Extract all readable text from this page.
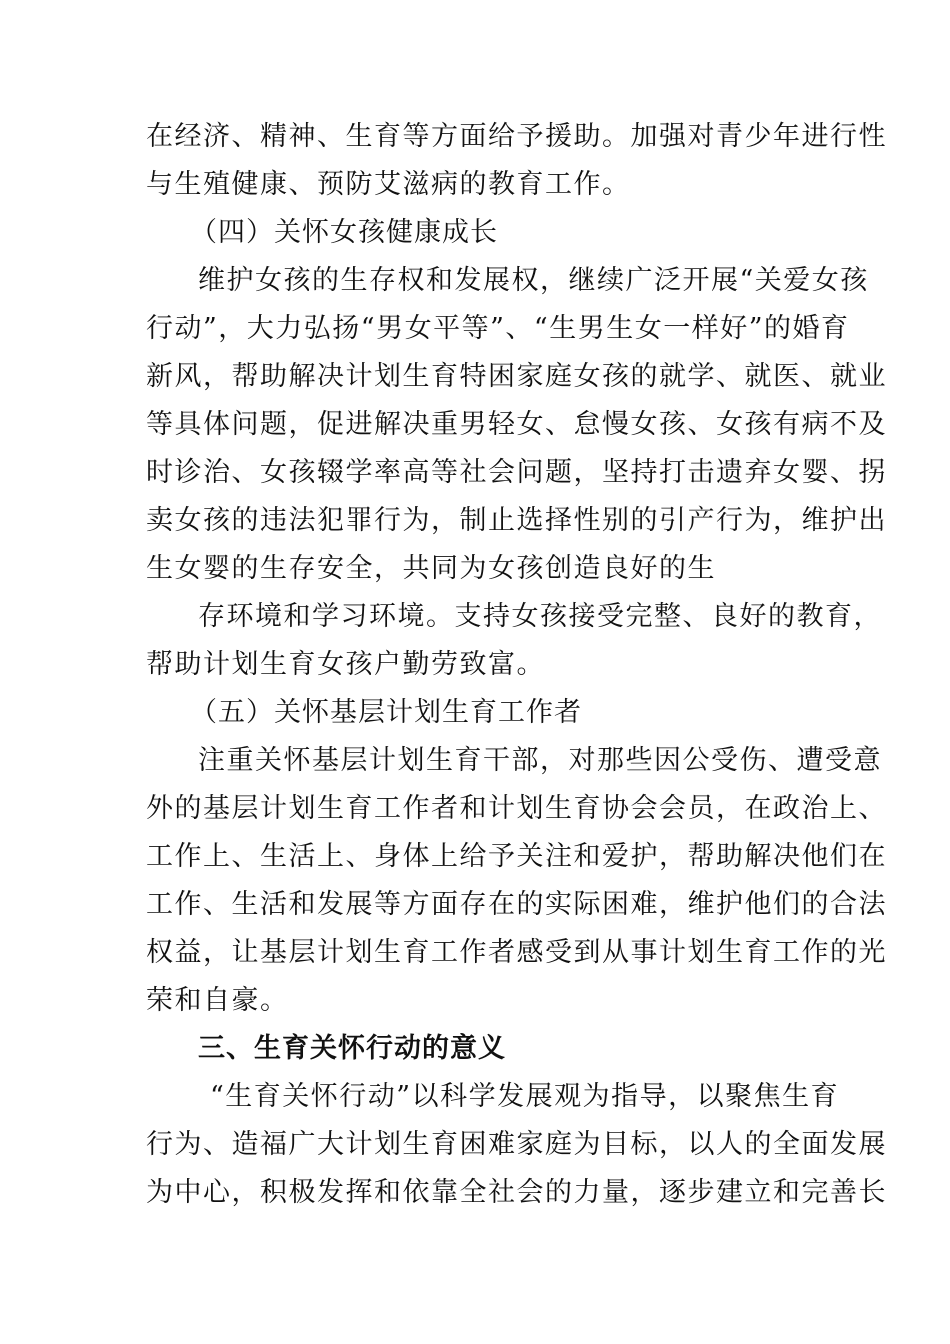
在经济、精神、生育等方面给予援助。加强对青少年进行性
与生殖健康、预防艾滋病的教育工作。
（四）关怀女孩健康成长
维护女孩的生存权和发展权，继续广泛开展“关爱女孩
行动”，大力弘扬“男女平等”、“生男生女一样好”的婚育
新风，帮助解决计划生育特困家庭女孩的就学、就医、就业
等具体问题，促进解决重男轻女、怠慢女孩、女孩有病不及
时诊治、女孩辍学率高等社会问题，坚持打击遗弃女婴、拐
卖女孩的违法犯罪行为，制止选择性别的引产行为，维护出
生女婴的生存安全，共同为女孩创造良好的生
存环境和学习环境。支持女孩接受完整、良好的教育，
帮助计划生育女孩户勤劳致富。
（五）关怀基层计划生育工作者
注重关怀基层计划生育干部，对那些因公受伤、遭受意
外的基层计划生育工作者和计划生育协会会员，在政治上、
工作上、生活上、身体上给予关注和爱护，帮助解决他们在
工作、生活和发展等方面存在的实际困难，维护他们的合法
权益，让基层计划生育工作者感受到从事计划生育工作的光
荣和自豪。
三、生育关怀行动的意义
“生育关怀行动”以科学发展观为指导，以聚焦生育
行为、造福广大计划生育困难家庭为目标，以人的全面发展
为中心，积极发挥和依靠全社会的力量，逐步建立和完善长
